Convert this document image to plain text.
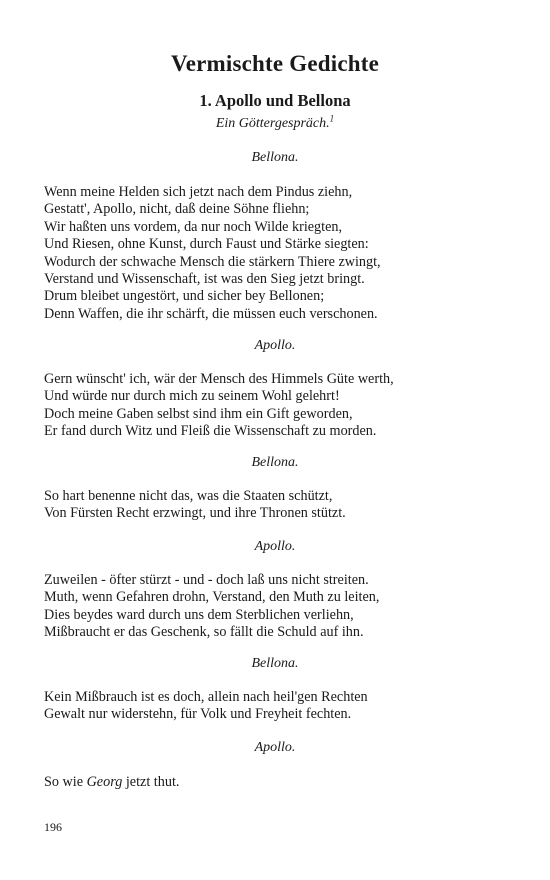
Vermischte Gedichte
1. Apollo und Bellona
Ein Göttergespräch.$^1$
Bellona.
Wenn meine Helden sich jetzt nach dem Pindus ziehn,
Gestatt', Apollo, nicht, daß deine Söhne fliehn;
Wir haßten uns vordem, da nur noch Wilde kriegten,
Und Riesen, ohne Kunst, durch Faust und Stärke siegten:
Wodurch der schwache Mensch die stärkern Thiere zwingt,
Verstand und Wissenschaft, ist was den Sieg jetzt bringt.
Drum bleibet ungestört, und sicher bey Bellonen;
Denn Waffen, die ihr schärft, die müssen euch verschonen.
Apollo.
Gern wünscht' ich, wär der Mensch des Himmels Güte werth,
Und würde nur durch mich zu seinem Wohl gelehrt!
Doch meine Gaben selbst sind ihm ein Gift geworden,
Er fand durch Witz und Fleiß die Wissenschaft zu morden.
Bellona.
So hart benenne nicht das, was die Staaten schützt,
Von Fürsten Recht erzwingt, und ihre Thronen stützt.
Apollo.
Zuweilen - öfter stürzt - und - doch laß uns nicht streiten.
Muth, wenn Gefahren drohn, Verstand, den Muth zu leiten,
Dies beydes ward durch uns dem Sterblichen verliehn,
Mißbraucht er das Geschenk, so fällt die Schuld auf ihn.
Bellona.
Kein Mißbrauch ist es doch, allein nach heil'gen Rechten
Gewalt nur widerstehn, für Volk und Freyheit fechten.
Apollo.
So wie Georg jetzt thut.
196
